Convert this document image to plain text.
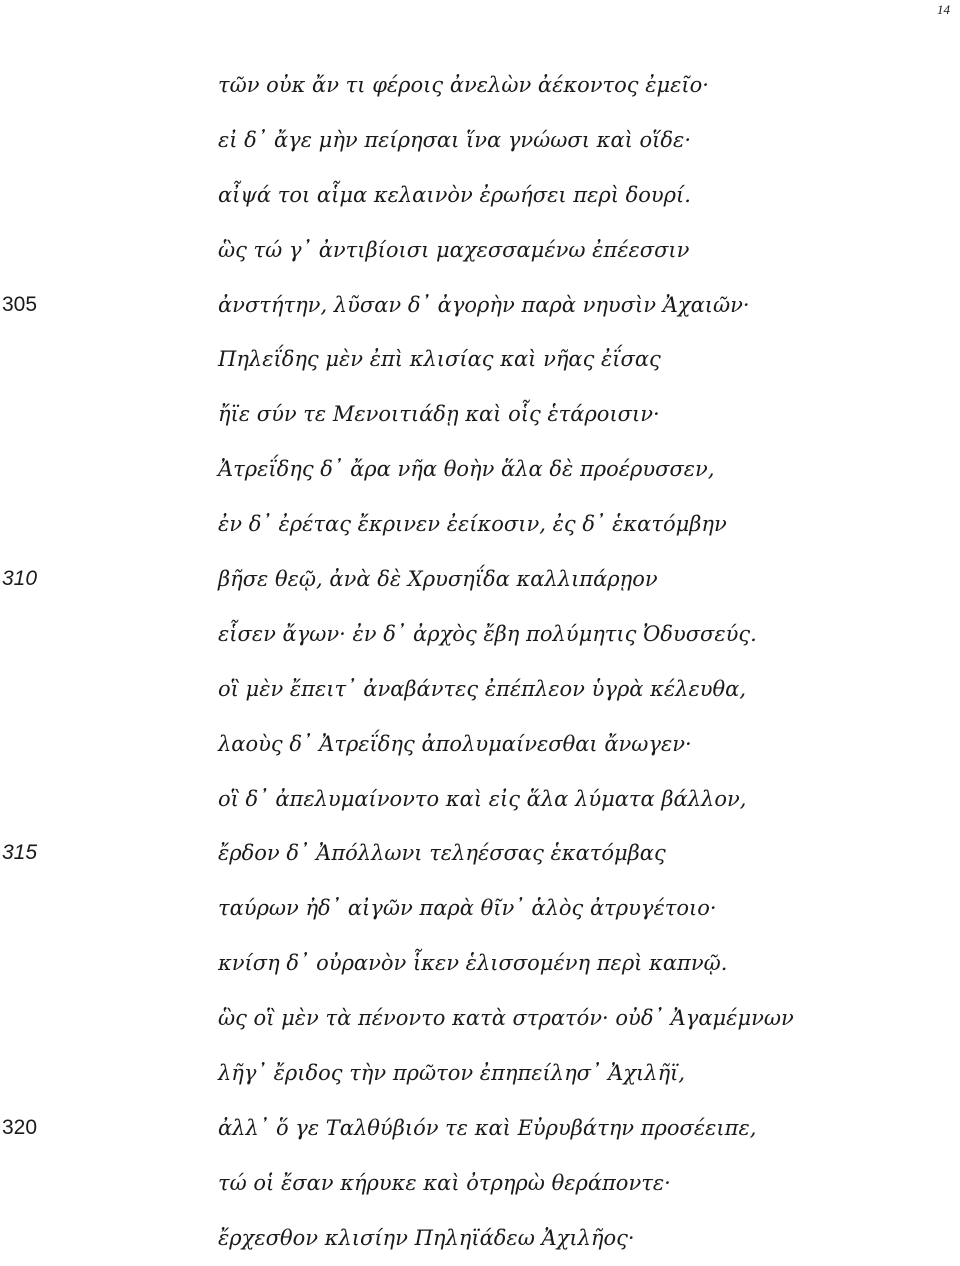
14
τῶν οὐκ ἄν τι φέροις ἀνελὼν ἀέκοντος ἐμεῖο·
εἰ δ᾽ ἄγε μὴν πείρησαι ἵνα γνώωσι καὶ οἵδε·
αἶψά τοι αἷμα κελαινὸν ἐρωήσει περὶ δουρί.
ὣς τώ γ᾽ ἀντιβίοισι μαχεσσαμένω ἐπέεσσιν
305	ἀνστήτην, λῦσαν δ᾽ ἀγορὴν παρὰ νηυσὶν Ἀχαιῶν·
Πηλεΐδης μὲν ἐπὶ κλισίας καὶ νῆας ἐΐσας
ἤϊε σύν τε Μενοιτιάδῃ καὶ οἷς ἑτάροισιν·
Ἀτρεΐδης δ᾽ ἄρα νῆα θοὴν ἅλα δὲ προέρυσσεν,
ἐν δ᾽ ἐρέτας ἔκρινεν ἐείκοσιν, ἐς δ᾽ ἑκατόμβην
310	βῆσε θεῷ, ἀνὰ δὲ Χρυσηΐδα καλλιπάρῃον
εἷσεν ἄγων· ἐν δ᾽ ἀρχὸς ἔβη πολύμητις Ὀδυσσεύς.
οἳ μὲν ἔπειτ᾽ ἀναβάντες ἐπέπλεον ὑγρὰ κέλευθα,
λαοὺς δ᾽ Ἀτρεΐδης ἀπολυμαίνεσθαι ἄνωγεν·
οἳ δ᾽ ἀπελυμαίνοντο καὶ εἰς ἅλα λύματα βάλλον,
315	ἔρδον δ᾽ Ἀπόλλωνι τεληέσσας ἑκατόμβας
ταύρων ἠδ᾽ αἰγῶν παρὰ θῖν᾽ ἁλὸς ἀτρυγέτοιο·
κνίση δ᾽ οὐρανὸν ἷκεν ἑλισσομένη περὶ καπνῷ.
ὣς οἳ μὲν τὰ πένοντο κατὰ στρατόν· οὐδ᾽ Ἀγαμέμνων
λῆγ᾽ ἔριδος τὴν πρῶτον ἐπηπείλησ᾽ Ἀχιλῆϊ,
320	ἀλλ᾽ ὅ γε Ταλθύβιόν τε καὶ Εὐρυβάτην προσέειπε,
τώ οἱ ἔσαν κήρυκε καὶ ὀτρηρὼ θεράποντε·
ἔρχεσθον κλισίην Πηληϊάδεω Ἀχιλῆος·
